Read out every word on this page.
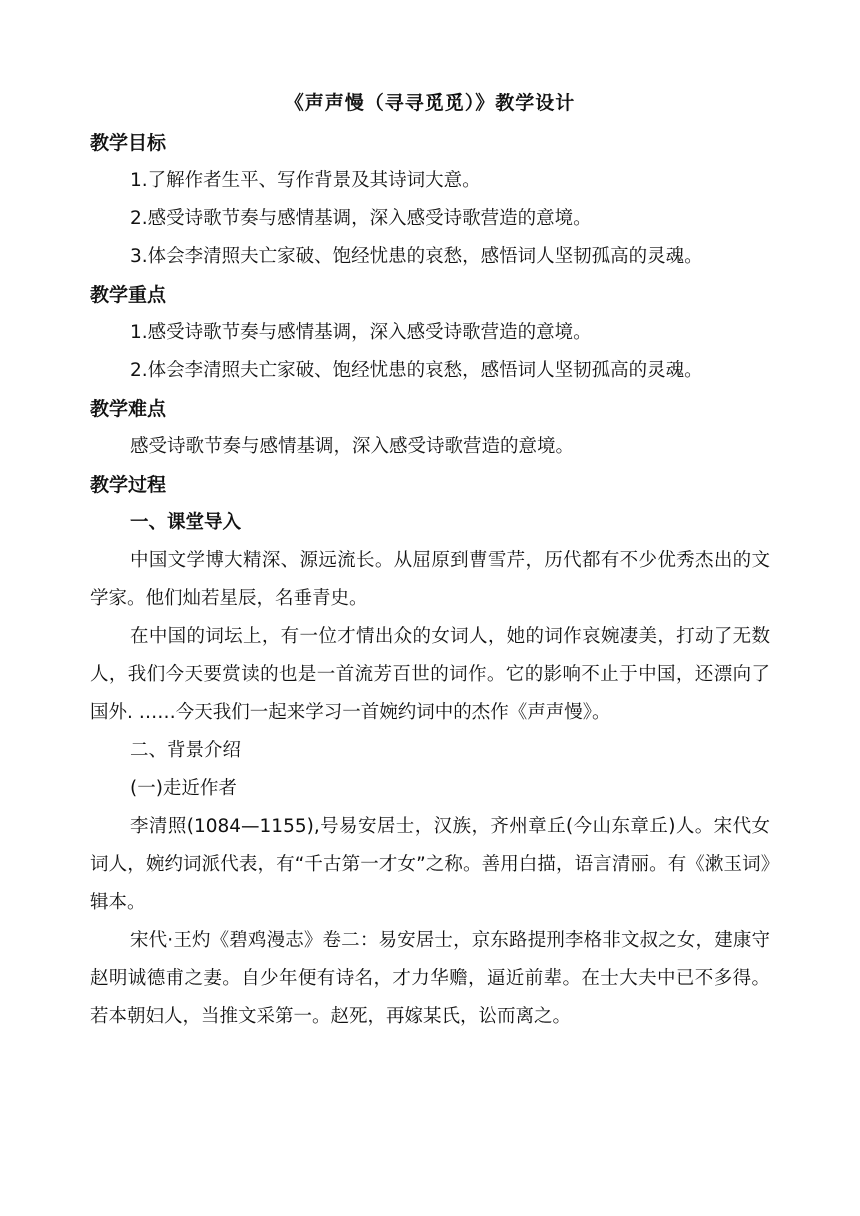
《声声慢（寻寻觅觅）》教学设计

教学目标

1.了解作者生平、写作背景及其诗词大意。

2.感受诗歌节奏与感情基调，深入感受诗歌营造的意境。

3.体会李清照夫亡家破、饱经忧患的哀愁，感悟词人坚韧孤高的灵魂。

教学重点

1.感受诗歌节奏与感情基调，深入感受诗歌营造的意境。

2.体会李清照夫亡家破、饱经忧患的哀愁，感悟词人坚韧孤高的灵魂。

教学难点

感受诗歌节奏与感情基调，深入感受诗歌营造的意境。

教学过程

一、课堂导入

中国文学博大精深、源远流长。从屈原到曹雪芹，历代都有不少优秀杰出的文学家。他们灿若星辰，名垂青史。

在中国的词坛上，有一位才情出众的女词人，她的词作哀婉凄美，打动了无数人，我们今天要赏读的也是一首流芳百世的词作。它的影响不止于中国，还漂向了国外. ……今天我们一起来学习一首婉约词中的杰作《声声慢》。

二、背景介绍

(一)走近作者

李清照(1084—1155),号易安居士，汉族，齐州章丘(今山东章丘)人。宋代女词人，婉约词派代表，有“千古第一才女”之称。善用白描，语言清丽。有《漱玉词》辑本。

宋代·王灼《碧鸡漫志》卷二：易安居士，京东路提刑李格非文叔之女，建康守赵明诚德甫之妻。自少年便有诗名，才力华赡，逼近前辈。在士大夫中已不多得。若本朝妇人，当推文采第一。赵死，再嫁某氏，讼而离之。
